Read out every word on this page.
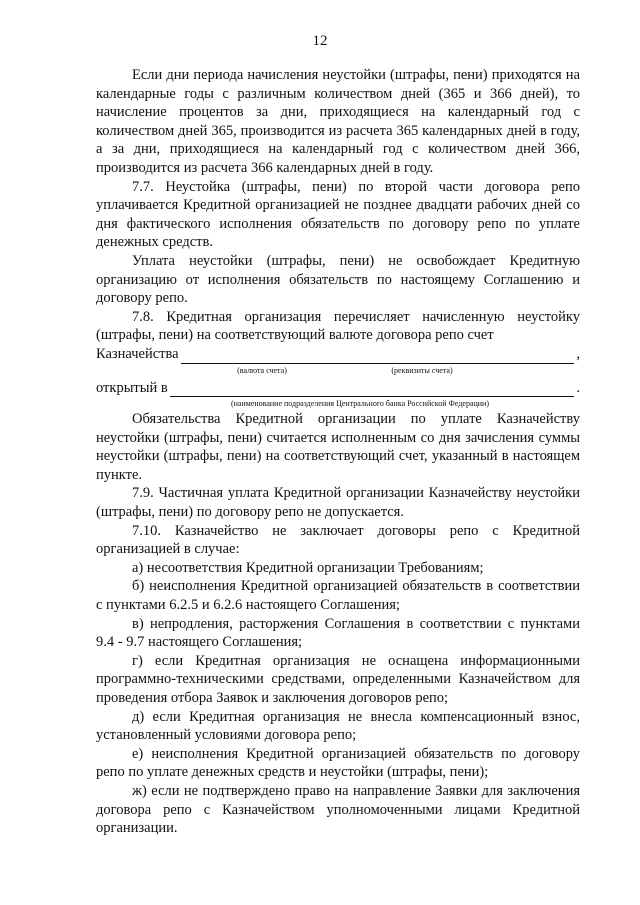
12

Если дни периода начисления неустойки (штрафы, пени) приходятся на календарные годы с различным количеством дней (365 и 366 дней), то начисление процентов за дни, приходящиеся на календарный год с количеством дней 365, производится из расчета 365 календарных дней в году, а за дни, приходящиеся на календарный год с количеством дней 366, производится из расчета 366 календарных дней в году.

7.7. Неустойка (штрафы, пени) по второй части договора репо уплачивается Кредитной организацией не позднее двадцати рабочих дней со дня фактического исполнения обязательств по договору репо по уплате денежных средств.

Уплата неустойки (штрафы, пени) не освобождает Кредитную организацию от исполнения обязательств по настоящему Соглашению и договору репо.

7.8. Кредитная организация перечисляет начисленную неустойку (штрафы, пени) на соответствующий валюте договора репо счет

Казначейства	,
(валюта счета)	(реквизиты счета)
открытый в	.
(наименование подразделения Центрального банка Российской Федерации)

Обязательства Кредитной организации по уплате Казначейству неустойки (штрафы, пени) считается исполненным со дня зачисления суммы неустойки (штрафы, пени) на соответствующий счет, указанный в настоящем пункте.

7.9. Частичная уплата Кредитной организации Казначейству неустойки (штрафы, пени) по договору репо не допускается.

7.10. Казначейство не заключает договоры репо с Кредитной организацией в случае:

а) несоответствия Кредитной организации Требованиям;

б) неисполнения Кредитной организацией обязательств в соответствии с пунктами 6.2.5 и 6.2.6 настоящего Соглашения;

в) непродления, расторжения Соглашения в соответствии с пунктами 9.4 - 9.7 настоящего Соглашения;

г) если Кредитная организация не оснащена информационными программно-техническими средствами, определенными Казначейством для проведения отбора Заявок и заключения договоров репо;

д) если Кредитная организация не внесла компенсационный взнос, установленный условиями договора репо;

е) неисполнения Кредитной организацией обязательств по договору репо по уплате денежных средств и неустойки (штрафы, пени);

ж) если не подтверждено право на направление Заявки для заключения договора репо с Казначейством уполномоченными лицами Кредитной организации.
